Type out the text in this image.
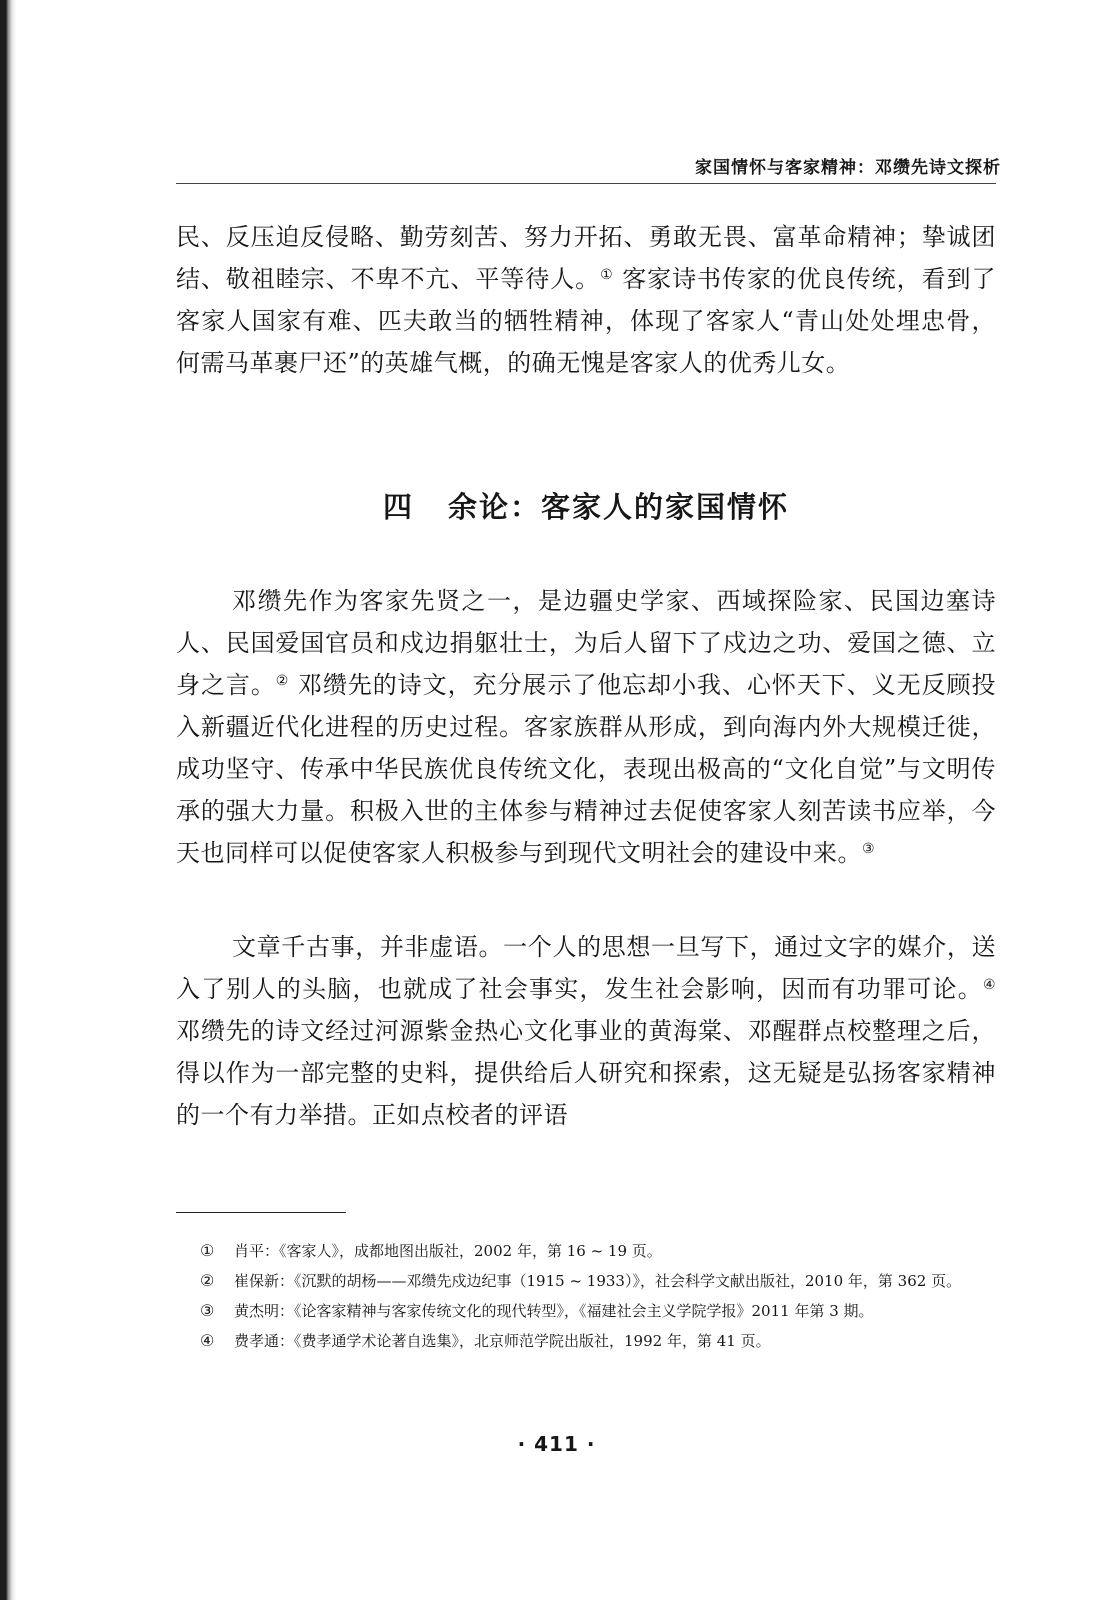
家国情怀与客家精神：邓缵先诗文探析
民、反压迫反侵略、勤劳刻苦、努力开拓、勇敢无畏、富革命精神；挚诚团结、敬祖睦宗、不卑不亢、平等待人。① 客家诗书传家的优良传统，看到了客家人国家有难、匹夫敢当的牺牲精神，体现了客家人“青山处处埋忠骨，何需马革裹尸还”的英雄气概，的确无愧是客家人的优秀儿女。
四 余论：客家人的家国情怀
邓缵先作为客家先贤之一，是边疆史学家、西域探险家、民国边塞诗人、民国爱国官员和戍边捐躯壮士，为后人留下了戍边之功、爱国之德、立身之言。② 邓缵先的诗文，充分展示了他忘却小我、心怀天下、义无反顾投入新疆近代化进程的历史过程。客家族群从形成，到向海内外大规模迁徙，成功坚守、传承中华民族优良传统文化，表现出极高的“文化自觉”与文明传承的强大力量。积极入世的主体参与精神过去促使客家人刻苦读书应举，今天也同样可以促使客家人积极参与到现代文明社会的建设中来。③
文章千古事，并非虚语。一个人的思想一旦写下，通过文字的媒介，送入了别人的头脑，也就成了社会事实，发生社会影响，因而有功罪可论。④ 邓缵先的诗文经过河源紫金热心文化事业的黄海棠、邓醒群点校整理之后，得以作为一部完整的史料，提供给后人研究和探索，这无疑是弘扬客家精神的一个有力举措。正如点校者的评语
①	肖平：《客家人》，成都地图出版社，2002 年，第 16 ~ 19 页。
②	崔保新：《沉默的胡杨——邓缵先戍边纪事（1915 ~ 1933）》，社会科学文献出版社，2010 年，第 362 页。
③	黄杰明：《论客家精神与客家传统文化的现代转型》，《福建社会主义学院学报》2011 年第 3 期。
④	费孝通：《费孝通学术论著自选集》，北京师范学院出版社，1992 年，第 41 页。
· 411 ·
